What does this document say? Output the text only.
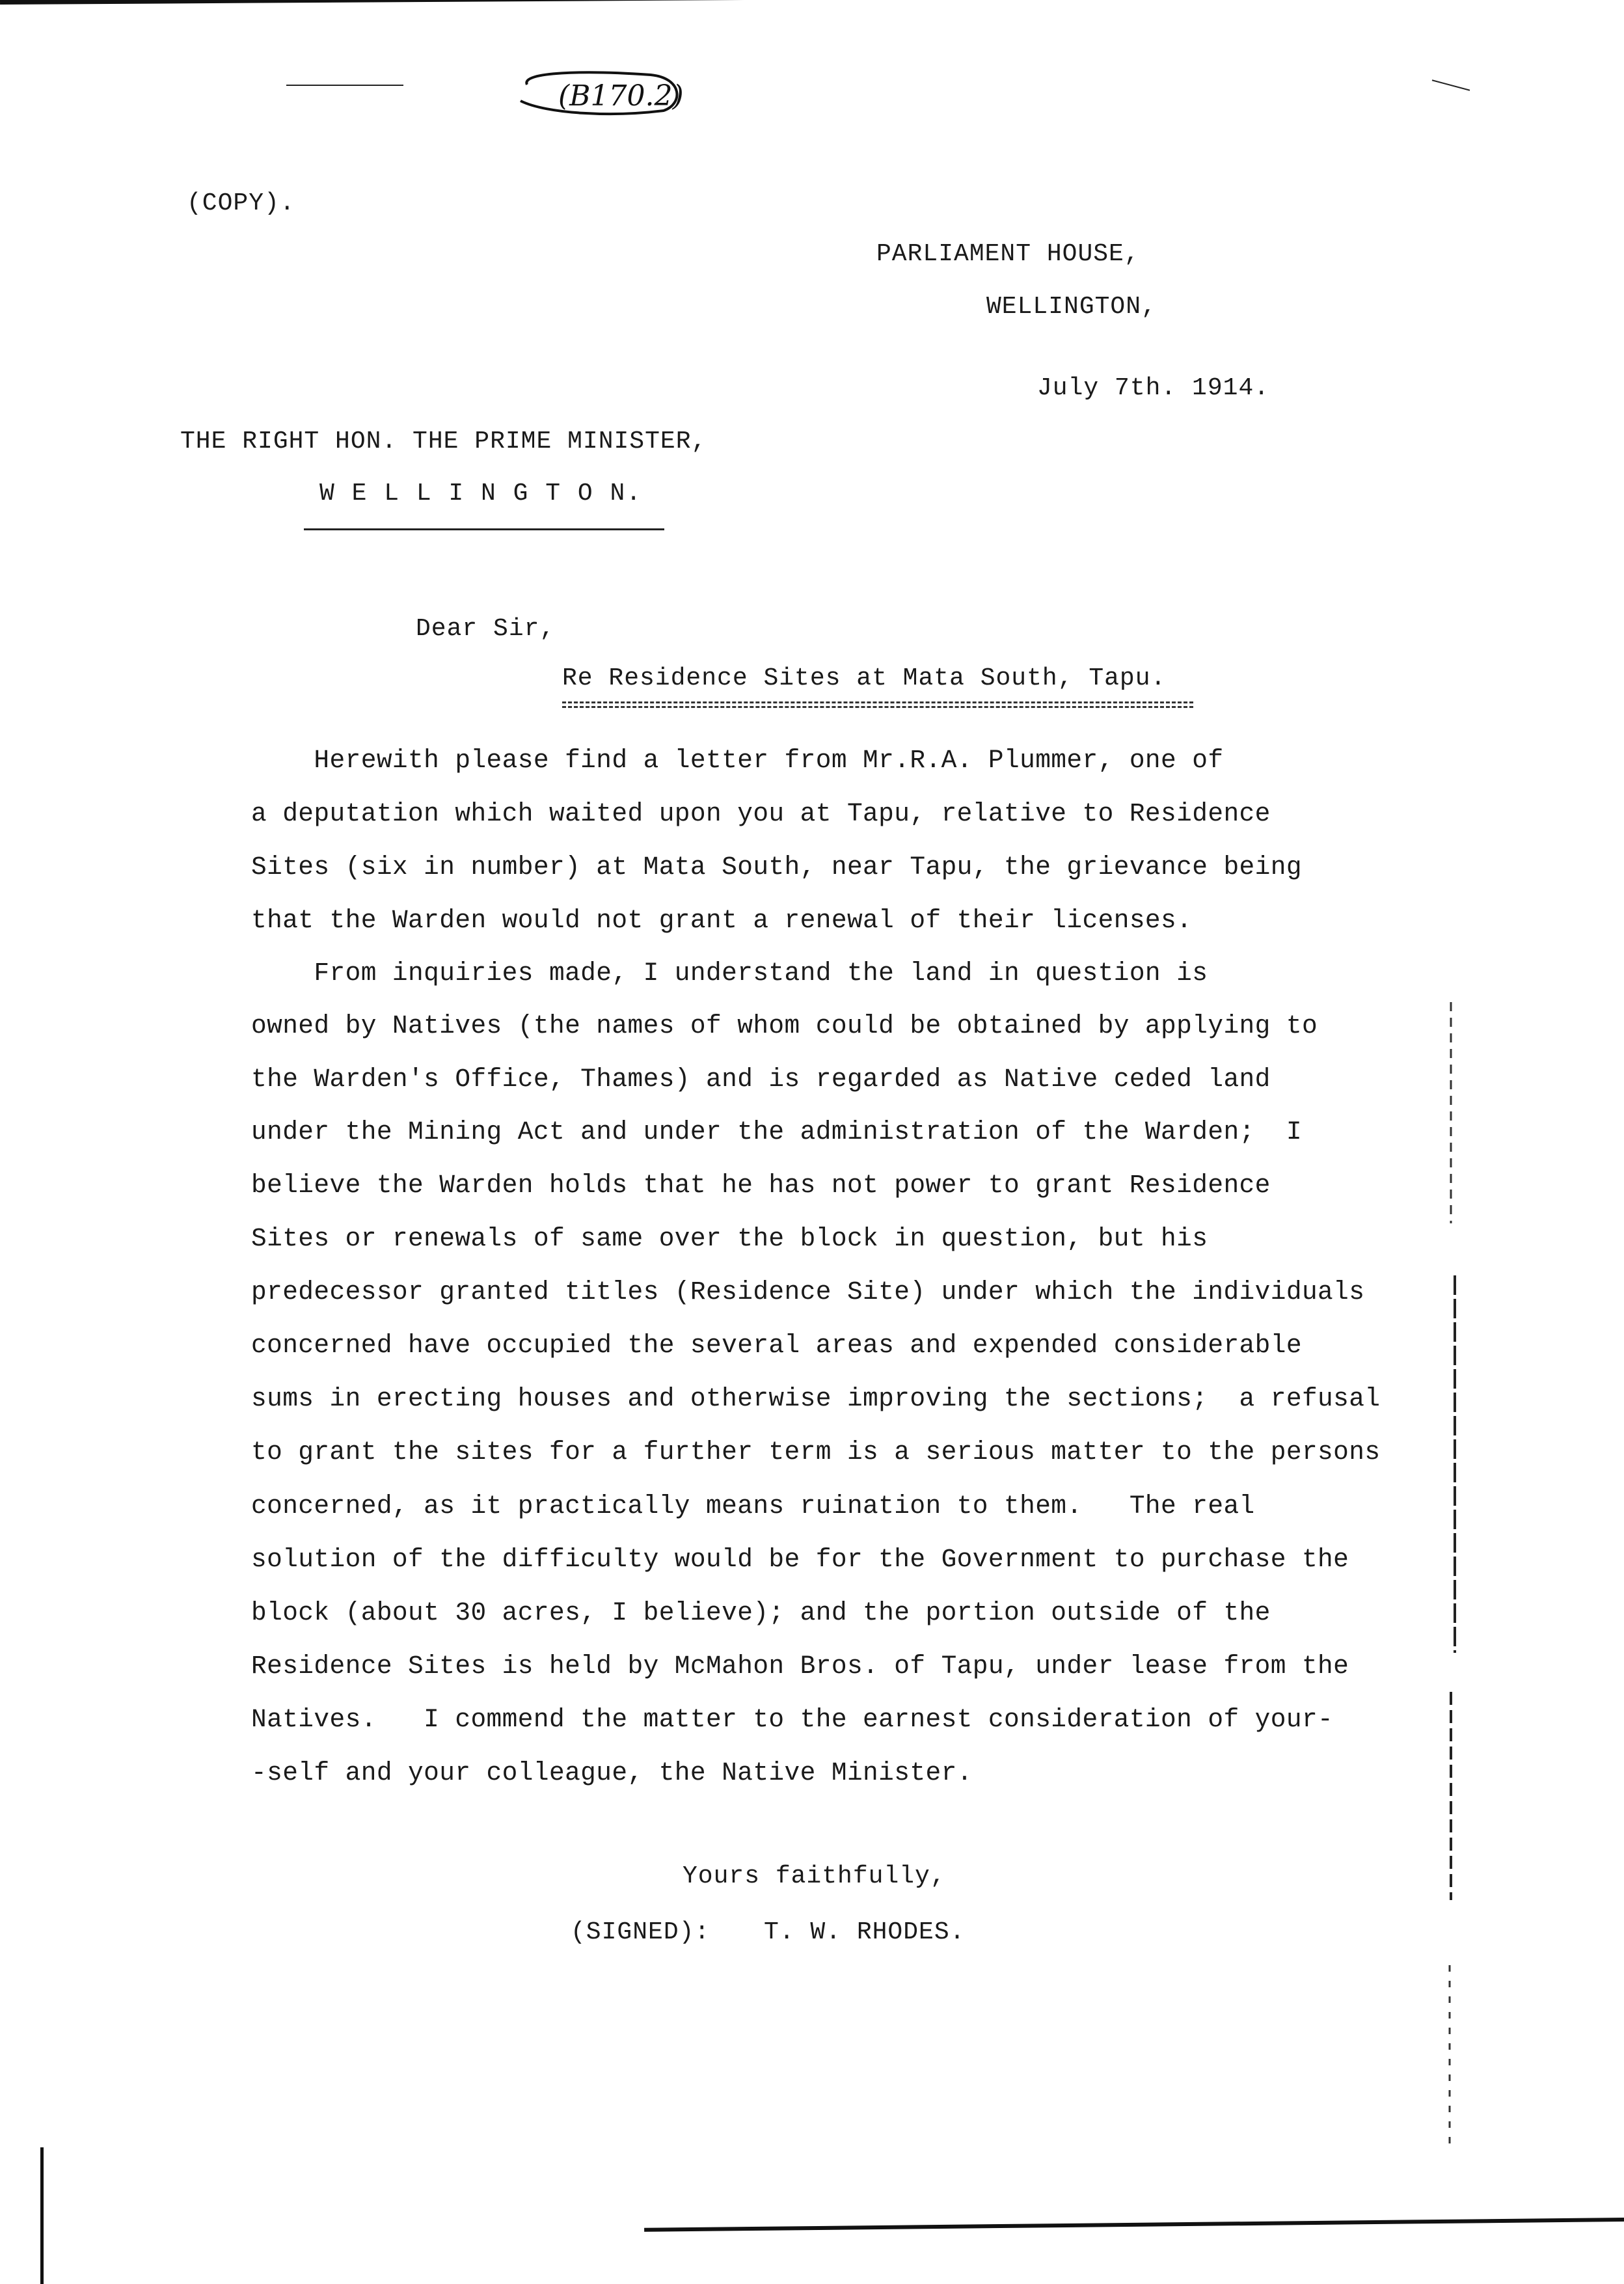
(B170.2)
(COPY).
PARLIAMENT HOUSE,
WELLINGTON,
July 7th. 1914.
THE RIGHT HON. THE PRIME MINISTER,
W E L L I N G T O N.
Dear Sir,
Re Residence Sites at Mata South, Tapu.
Herewith please find a letter from Mr.R.A. Plummer, one of
a deputation which waited upon you at Tapu, relative to Residence
Sites (six in number) at Mata South, near Tapu, the grievance being
that the Warden would not grant a renewal of their licenses.
From inquiries made, I understand the land in question is
owned by Natives (the names of whom could be obtained by applying to
the Warden's Office, Thames) and is regarded as Native ceded land
under the Mining Act and under the administration of the Warden;  I
believe the Warden holds that he has not power to grant Residence
Sites or renewals of same over the block in question, but his
predecessor granted titles (Residence Site) under which the individuals
concerned have occupied the several areas and expended considerable
sums in erecting houses and otherwise improving the sections;  a refusal
to grant the sites for a further term is a serious matter to the persons
concerned, as it practically means ruination to them.   The real
solution of the difficulty would be for the Government to purchase the
block (about 30 acres, I believe); and the portion outside of the
Residence Sites is held by McMahon Bros. of Tapu, under lease from the
Natives.   I commend the matter to the earnest consideration of your-
-self and your colleague, the Native Minister.
Yours faithfully,
(SIGNED): T. W. RHODES.
